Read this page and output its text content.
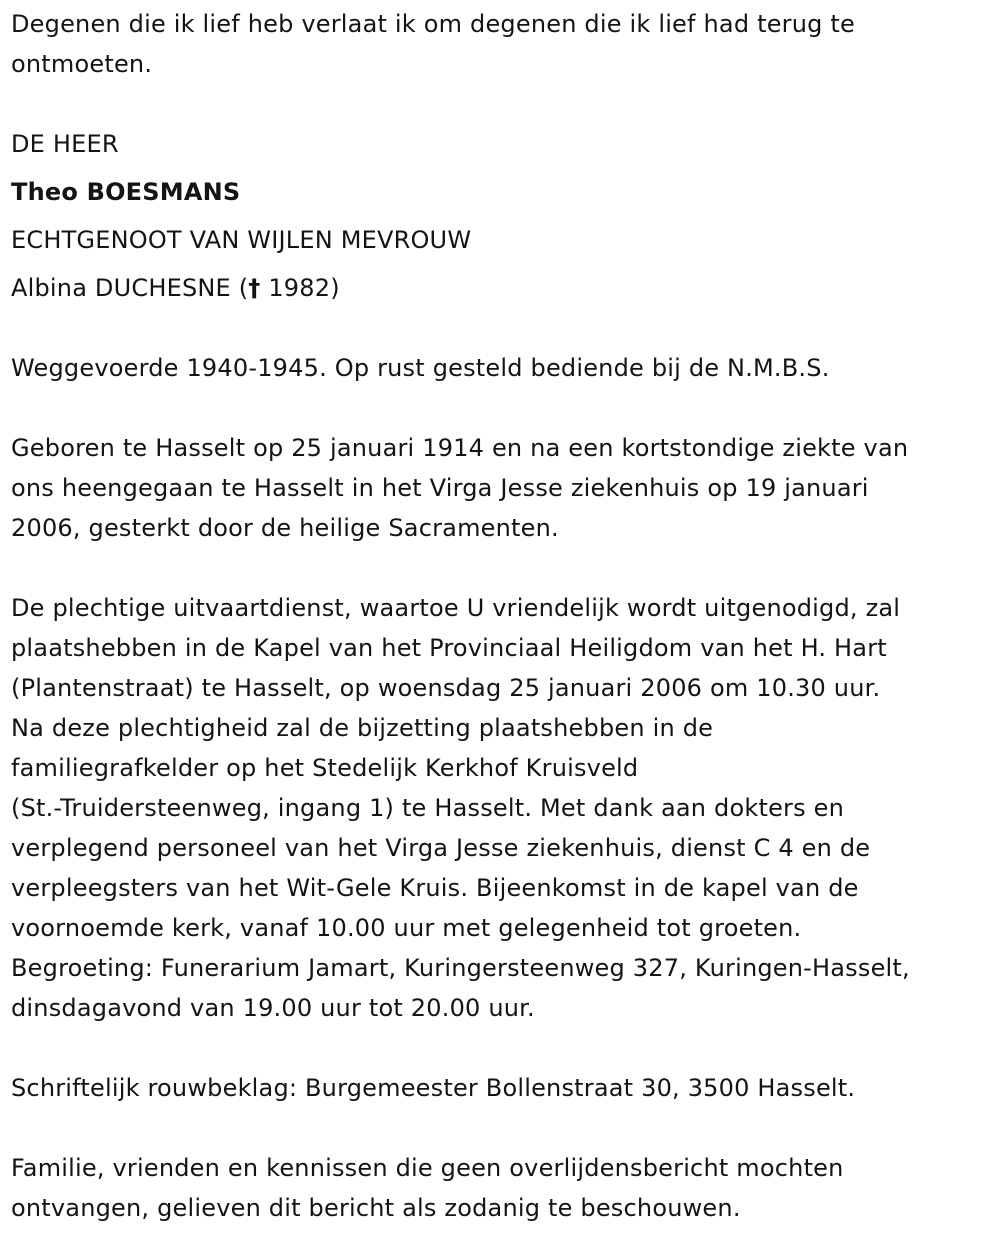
Degenen die ik lief heb verlaat ik om degenen die ik lief had terug te
ontmoeten.

DE HEER
Theo BOESMANS
ECHTGENOOT VAN WIJLEN MEVROUW
Albina DUCHESNE († 1982)

Weggevoerde 1940-1945. Op rust gesteld bediende bij de N.M.B.S.

Geboren te Hasselt op 25 januari 1914 en na een kortstondige ziekte van
ons heengegaan te Hasselt in het Virga Jesse ziekenhuis op 19 januari
2006, gesterkt door de heilige Sacramenten.

De plechtige uitvaartdienst, waartoe U vriendelijk wordt uitgenodigd, zal
plaatshebben in de Kapel van het Provinciaal Heiligdom van het H. Hart
(Plantenstraat) te Hasselt, op woensdag 25 januari 2006 om 10.30 uur.
Na deze plechtigheid zal de bijzetting plaatshebben in de
familiegrafkelder op het Stedelijk Kerkhof Kruisveld
(St.-Truidersteenweg, ingang 1) te Hasselt. Met dank aan dokters en
verplegend personeel van het Virga Jesse ziekenhuis, dienst C 4 en de
verpleegsters van het Wit-Gele Kruis. Bijeenkomst in de kapel van de
voornoemde kerk, vanaf 10.00 uur met gelegenheid tot groeten.
Begroeting: Funerarium Jamart, Kuringersteenweg 327, Kuringen-Hasselt,
dinsdagavond van 19.00 uur tot 20.00 uur.

Schriftelijk rouwbeklag: Burgemeester Bollenstraat 30, 3500 Hasselt.

Familie, vrienden en kennissen die geen overlijdensbericht mochten
ontvangen, gelieven dit bericht als zodanig te beschouwen.
